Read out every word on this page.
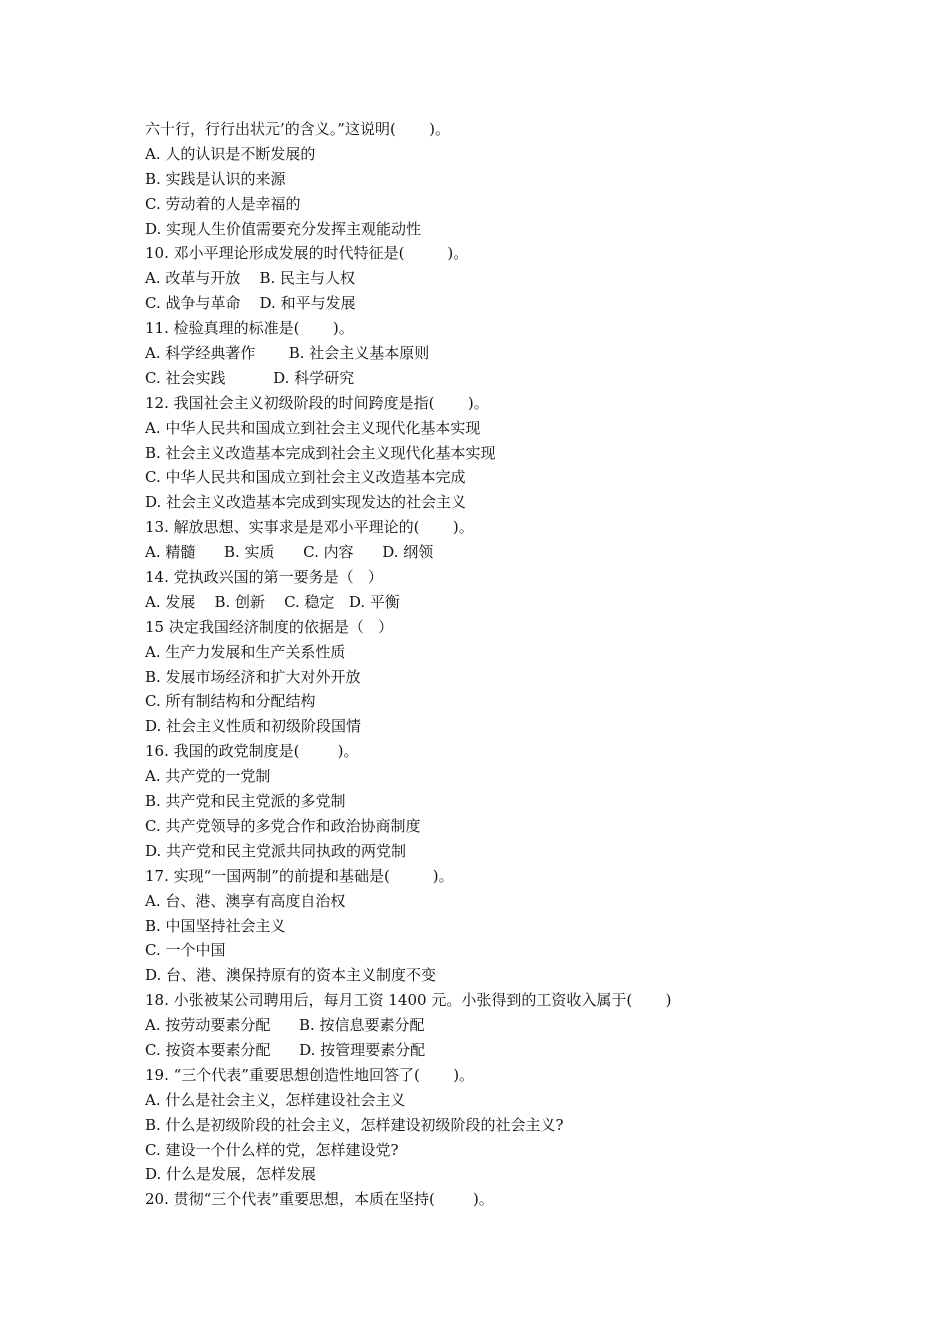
六十行，行行出状元’的含义。”这说明(       )。
A. 人的认识是不断发展的
B. 实践是认识的来源
C. 劳动着的人是幸福的
D. 实现人生价值需要充分发挥主观能动性
10. 邓小平理论形成发展的时代特征是(         )。
A. 改革与开放    B. 民主与人权
C. 战争与革命    D. 和平与发展
11. 检验真理的标准是(       )。
A. 科学经典著作       B. 社会主义基本原则
C. 社会实践          D. 科学研究
12. 我国社会主义初级阶段的时间跨度是指(       )。
A. 中华人民共和国成立到社会主义现代化基本实现
B. 社会主义改造基本完成到社会主义现代化基本实现
C. 中华人民共和国成立到社会主义改造基本完成
D. 社会主义改造基本完成到实现发达的社会主义
13. 解放思想、实事求是是邓小平理论的(       )。
A. 精髓      B. 实质      C. 内容      D. 纲领
14. 党执政兴国的第一要务是（   ）
A. 发展    B. 创新    C. 稳定   D. 平衡
15 决定我国经济制度的依据是（   ）
A. 生产力发展和生产关系性质
B. 发展市场经济和扩大对外开放
C. 所有制结构和分配结构
D. 社会主义性质和初级阶段国情
16. 我国的政党制度是(        )。
A. 共产党的一党制
B. 共产党和民主党派的多党制
C. 共产党领导的多党合作和政治协商制度
D. 共产党和民主党派共同执政的两党制
17. 实现“一国两制”的前提和基础是(         )。
A. 台、港、澳享有高度自治权
B. 中国坚持社会主义
C. 一个中国
D. 台、港、澳保持原有的资本主义制度不变
18. 小张被某公司聘用后，每月工资 1400 元。小张得到的工资收入属于(       )
A. 按劳动要素分配      B. 按信息要素分配
C. 按资本要素分配      D. 按管理要素分配
19. “三个代表”重要思想创造性地回答了(       )。
A. 什么是社会主义，怎样建设社会主义
B. 什么是初级阶段的社会主义，怎样建设初级阶段的社会主义?
C. 建设一个什么样的党，怎样建设党?
D. 什么是发展，怎样发展
20. 贯彻“三个代表”重要思想，本质在坚持(        )。
